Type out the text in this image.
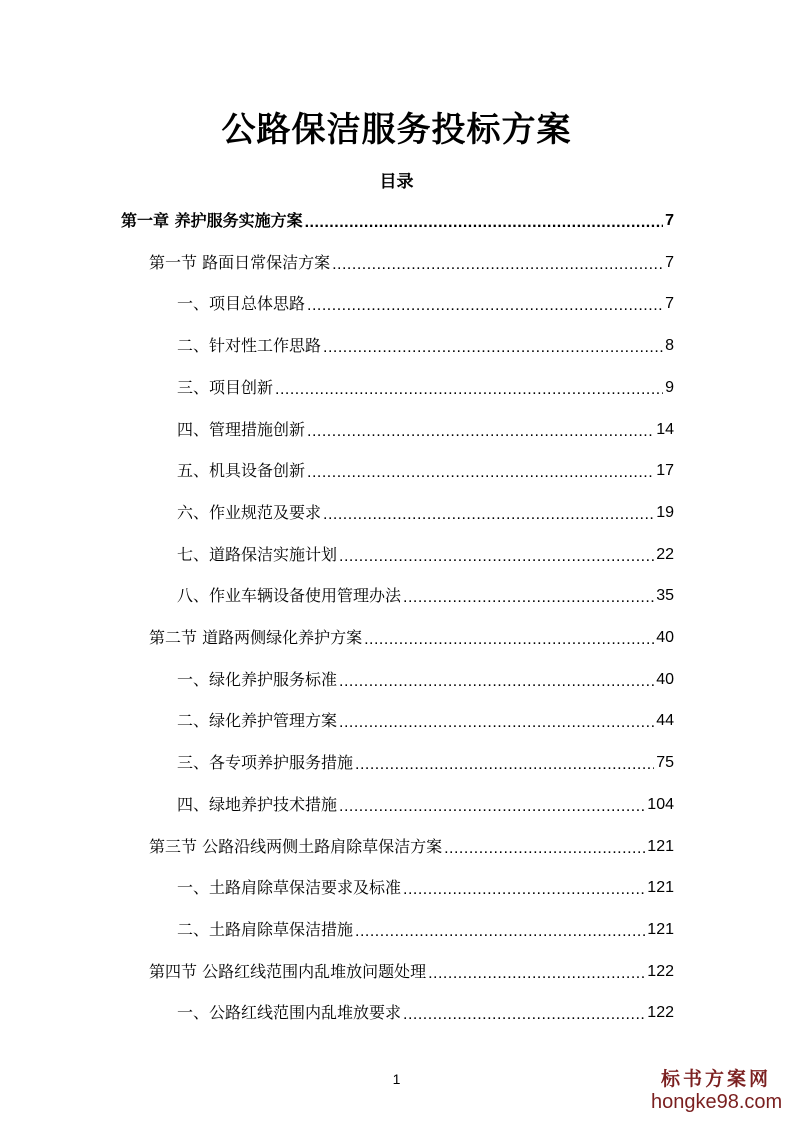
公路保洁服务投标方案
目录
第一章 养护服务实施方案 .....	7
第一节 路面日常保洁方案 .....	7
一、项目总体思路 .....	7
二、针对性工作思路 .....	8
三、项目创新 .....	9
四、管理措施创新 .....	14
五、机具设备创新 .....	17
六、作业规范及要求 .....	19
七、道路保洁实施计划 .....	22
八、作业车辆设备使用管理办法 .....	35
第二节 道路两侧绿化养护方案 .....	40
一、绿化养护服务标准 .....	40
二、绿化养护管理方案 .....	44
三、各专项养护服务措施 .....	75
四、绿地养护技术措施 .....	104
第三节 公路沿线两侧土路肩除草保洁方案 .....	121
一、土路肩除草保洁要求及标准 .....	121
二、土路肩除草保洁措施 .....	121
第四节 公路红线范围内乱堆放问题处理 .....	122
一、公路红线范围内乱堆放要求 .....	122
1	标书方案网
hongke98.com
